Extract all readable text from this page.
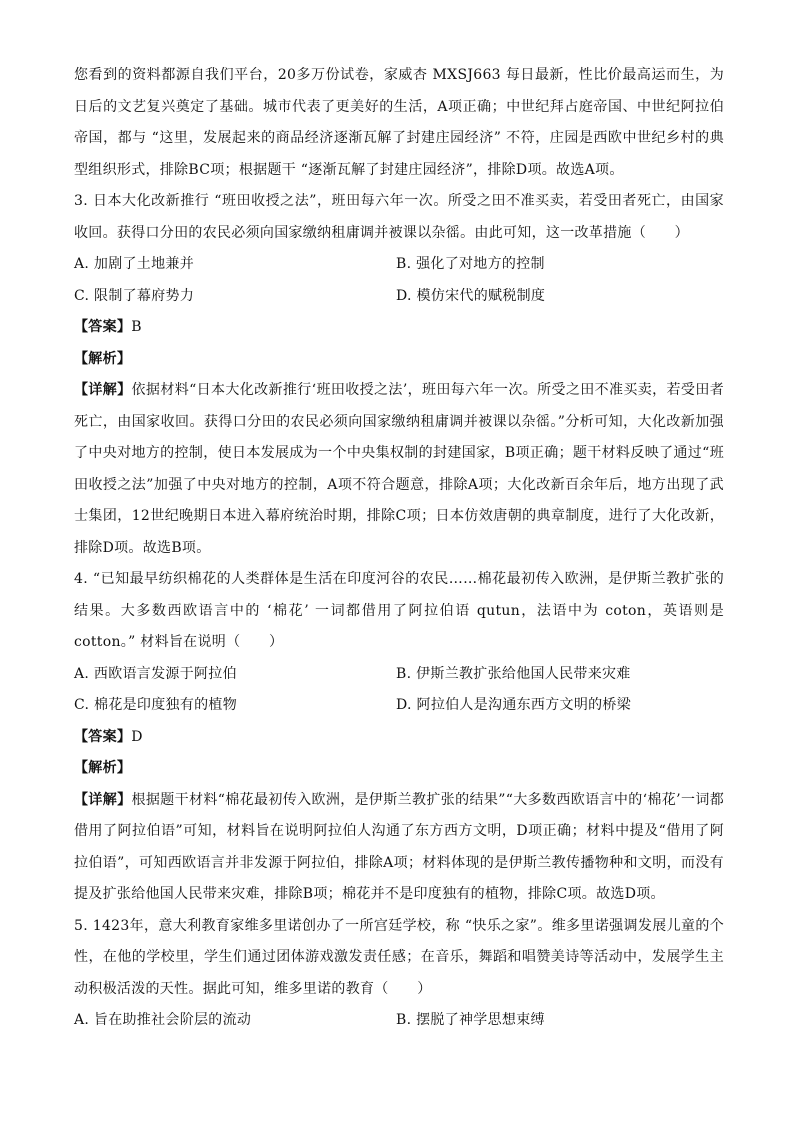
您看到的资料都源自我们平台，20多万份试卷，家威杏 MXSJ663 每日最新，性比价最高运而生，为日后的文艺复兴奠定了基础。城市代表了更美好的生活，A项正确；中世纪拜占庭帝国、中世纪阿拉伯帝国，都与 “这里，发展起来的商品经济逐渐瓦解了封建庄园经济” 不符，庄园是西欧中世纪乡村的典型组织形式，排除BC项；根据题干 “逐渐瓦解了封建庄园经济”，排除D项。故选A项。

3. 日本大化改新推行 “班田收授之法”，班田每六年一次。所受之田不准买卖，若受田者死亡，由国家收回。获得口分田的农民必须向国家缴纳租庸调并被课以杂徭。由此可知，这一改革措施（　　）

A. 加剧了土地兼并	B. 强化了对地方的控制
C. 限制了幕府势力	D. 模仿宋代的赋税制度

【答案】B

【解析】

【详解】依据材料“日本大化改新推行‘班田收授之法’，班田每六年一次。所受之田不准买卖，若受田者死亡，由国家收回。获得口分田的农民必须向国家缴纳租庸调并被课以杂徭。”分析可知，大化改新加强了中央对地方的控制，使日本发展成为一个中央集权制的封建国家，B项正确；题干材料反映了通过“班田收授之法”加强了中央对地方的控制，A项不符合题意，排除A项；大化改新百余年后，地方出现了武士集团，12世纪晚期日本进入幕府统治时期，排除C项；日本仿效唐朝的典章制度，进行了大化改新，排除D项。故选B项。

4. “已知最早纺织棉花的人类群体是生活在印度河谷的农民……棉花最初传入欧洲，是伊斯兰教扩张的结果。大多数西欧语言中的 ‘棉花’ 一词都借用了阿拉伯语 qutun，法语中为 coton，英语则是 cotton。” 材料旨在说明（　　）

A. 西欧语言发源于阿拉伯	B. 伊斯兰教扩张给他国人民带来灾难
C. 棉花是印度独有的植物	D. 阿拉伯人是沟通东西方文明的桥梁

【答案】D

【解析】

【详解】根据题干材料“棉花最初传入欧洲，是伊斯兰教扩张的结果”“大多数西欧语言中的‘棉花’一词都借用了阿拉伯语”可知，材料旨在说明阿拉伯人沟通了东方西方文明，D项正确；材料中提及“借用了阿拉伯语”，可知西欧语言并非发源于阿拉伯，排除A项；材料体现的是伊斯兰教传播物种和文明，而没有提及扩张给他国人民带来灾难，排除B项；棉花并不是印度独有的植物，排除C项。故选D项。

5. 1423年，意大利教育家维多里诺创办了一所宫廷学校，称 “快乐之家”。维多里诺强调发展儿童的个性，在他的学校里，学生们通过团体游戏激发责任感；在音乐，舞蹈和唱赞美诗等活动中，发展学生主动积极活泼的天性。据此可知，维多里诺的教育（　　）

A. 旨在助推社会阶层的流动	B. 摆脱了神学思想束缚
